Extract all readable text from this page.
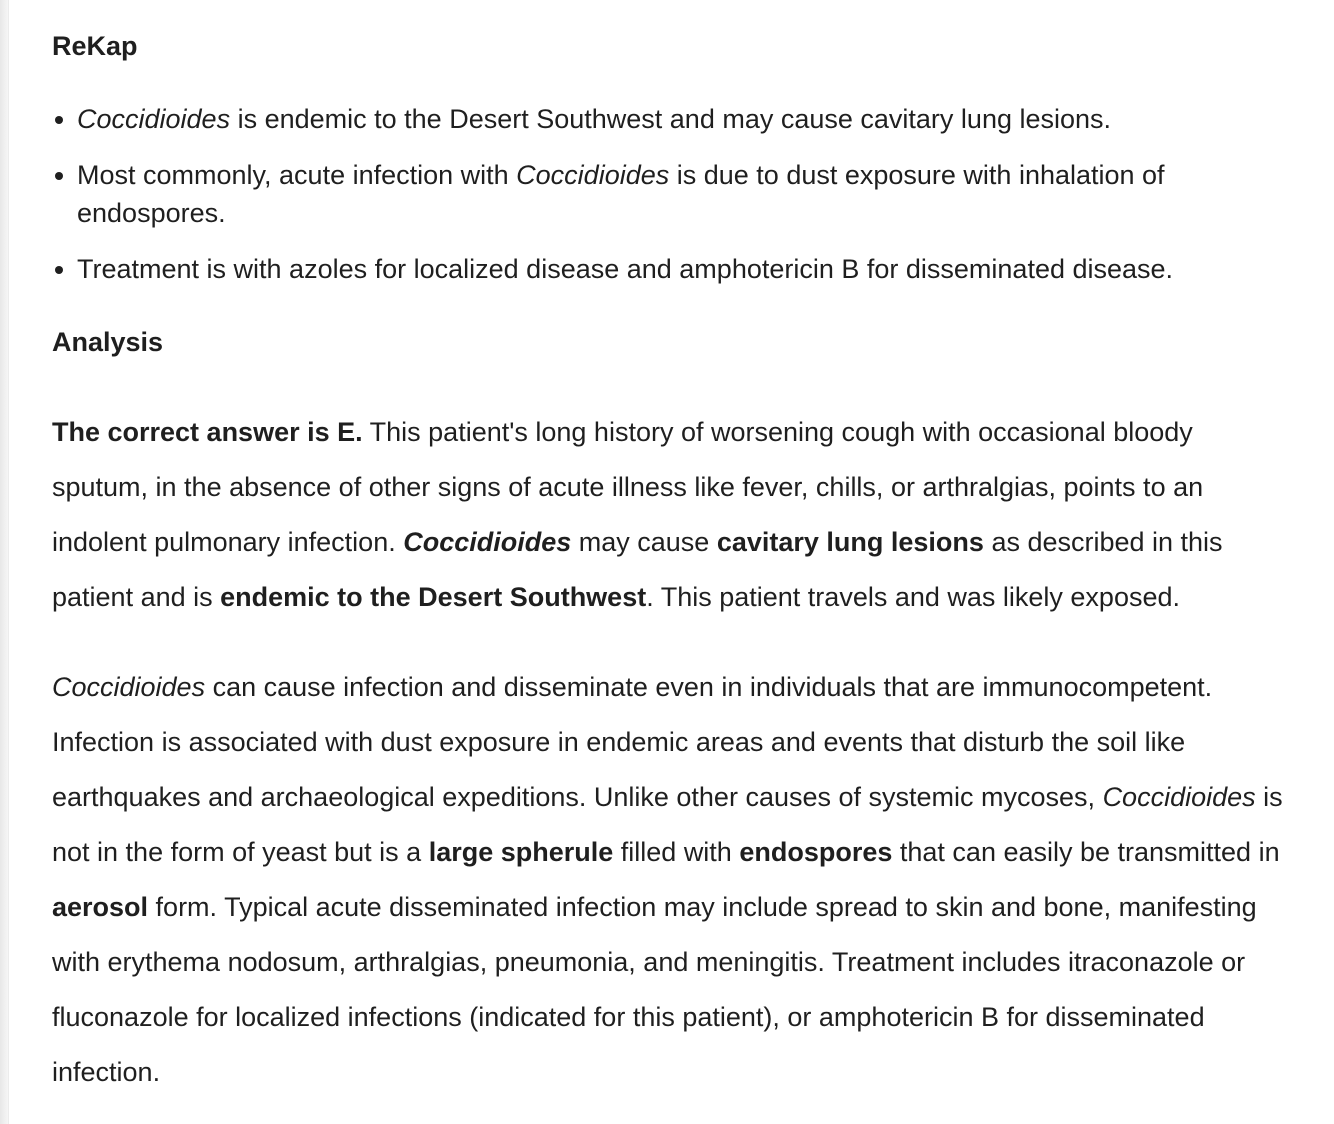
ReKap
Coccidioides is endemic to the Desert Southwest and may cause cavitary lung lesions.
Most commonly, acute infection with Coccidioides is due to dust exposure with inhalation of endospores.
Treatment is with azoles for localized disease and amphotericin B for disseminated disease.
Analysis

The correct answer is E. This patient's long history of worsening cough with occasional bloody sputum, in the absence of other signs of acute illness like fever, chills, or arthralgias, points to an indolent pulmonary infection. Coccidioides may cause cavitary lung lesions as described in this patient and is endemic to the Desert Southwest. This patient travels and was likely exposed.

Coccidioides can cause infection and disseminate even in individuals that are immunocompetent. Infection is associated with dust exposure in endemic areas and events that disturb the soil like earthquakes and archaeological expeditions. Unlike other causes of systemic mycoses, Coccidioides is not in the form of yeast but is a large spherule filled with endospores that can easily be transmitted in aerosol form. Typical acute disseminated infection may include spread to skin and bone, manifesting with erythema nodosum, arthralgias, pneumonia, and meningitis. Treatment includes itraconazole or fluconazole for localized infections (indicated for this patient), or amphotericin B for disseminated infection.
